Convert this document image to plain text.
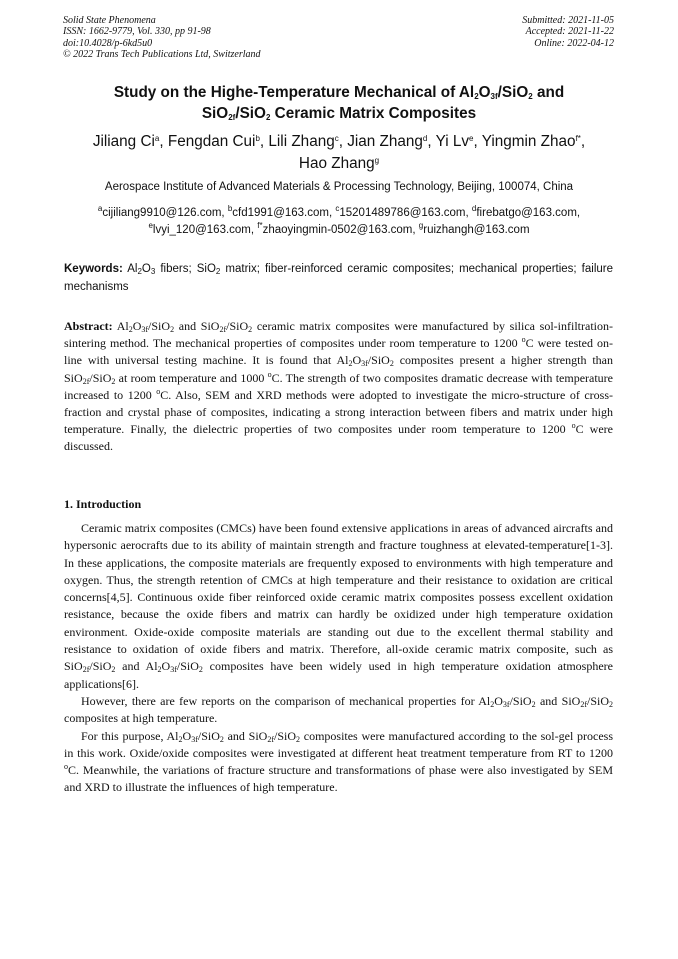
Solid State Phenomena
ISSN: 1662-9779, Vol. 330, pp 91-98
doi:10.4028/p-6kd5u0
© 2022 Trans Tech Publications Ltd, Switzerland
Submitted: 2021-11-05
Accepted: 2021-11-22
Online: 2022-04-12
Study on the Highe-Temperature Mechanical of $Al_2O_{3f}/SiO_2$ and
SiO$_{2f}$/SiO$_2$ Ceramic Matrix Composites
Jiliang Ci$^a$, Fengdan Cui$^b$, Lili Zhang$^c$, Jian Zhang$^d$, Yi Lv$^e$, Yingmin Zhao$^{f*}$,
Hao Zhang$^g$
Aerospace Institute of Advanced Materials & Processing Technology, Beijing, 100074, China
$^a$cijiliang9910@126.com, $^b$cfd1991@163.com, $^c$15201489786@163.com, $^d$firebatgo@163.com,
$^e$lvyi_120@163.com, $^{f*}$zhaoyingmin-0502@163.com, $^g$ruizhangh@163.com
Keywords: $Al_2O_3$ fibers; SiO$_2$ matrix; fiber-reinforced ceramic composites; mechanical properties; failure mechanisms

Abstract: $Al_2O_{3f}/SiO_2$ and SiO$_{2f}$/SiO$_2$ ceramic matrix composites were manufactured by silica sol-infiltration-sintering method. The mechanical properties of composites under room temperature to 1200 $^o$C were tested on-line with universal testing machine. It is found that $Al_2O_{3f}/SiO_2$ composites present a higher strength than SiO$_{2f}$/SiO$_2$ at room temperature and 1000 $^o$C. The strength of two composites dramatic decrease with temperature increased to 1200 $^o$C. Also, SEM and XRD methods were adopted to investigate the micro-structure of cross-fraction and crystal phase of composites, indicating a strong interaction between fibers and matrix under high temperature. Finally, the dielectric properties of two composites under room temperature to 1200 $^o$C were discussed.

1. Introduction

Ceramic matrix composites (CMCs) have been found extensive applications in areas of advanced aircrafts and hypersonic aerocrafts due to its ability of maintain strength and fracture toughness at elevated-temperature[1-3]. In these applications, the composite materials are frequently exposed to environments with high temperature and oxygen. Thus, the strength retention of CMCs at high temperature and their resistance to oxidation are critical concerns[4,5]. Continuous oxide fiber reinforced oxide ceramic matrix composites possess excellent oxidation resistance, because the oxide fibers and matrix can hardly be oxidized under high temperature oxidation environment. Oxide-oxide composite materials are standing out due to the excellent thermal stability and resistance to oxidation of oxide fibers and matrix. Therefore, all-oxide ceramic matrix composite, such as SiO$_{2f}$/SiO$_2$ and $Al_2O_{3f}/SiO_2$ composites have been widely used in high temperature oxidation atmosphere applications[6].

However, there are few reports on the comparison of mechanical properties for $Al_2O_{3f}/SiO_2$ and SiO$_{2f}$/SiO$_2$ composites at high temperature.

For this purpose, $Al_2O_{3f}/SiO_2$ and SiO$_{2f}$/SiO$_2$ composites were manufactured according to the sol-gel process in this work. Oxide/oxide composites were investigated at different heat treatment temperature from RT to 1200 $^o$C. Meanwhile, the variations of fracture structure and transformations of phase were also investigated by SEM and XRD to illustrate the influences of high temperature.
